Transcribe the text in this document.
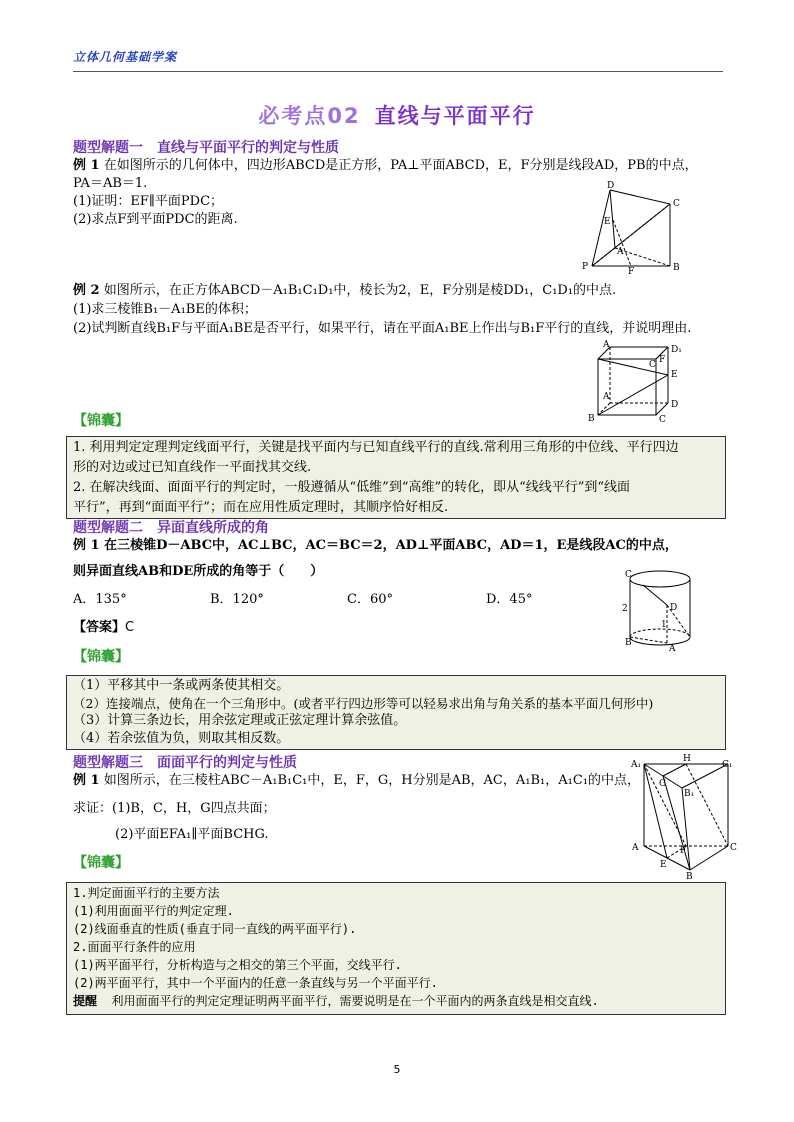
立体几何基础学案
必考点02 直线与平面平行
题型解题一 直线与平面平行的判定与性质
例 1 在如图所示的几何体中，四边形ABCD是正方形，PA⊥平面ABCD，E，F分别是线段AD，PB的中点，
PA＝AB＝1.
(1)证明：EF∥平面PDC；
(2)求点F到平面PDC的距离.
D
C
E
A
P	F	B
例 2 如图所示，在正方体ABCD－A₁B₁C₁D₁中，棱长为2，E，F分别是棱DD₁，C₁D₁的中点.
(1)求三棱锥B₁－A₁BE的体积；
(2)试判断直线B₁F与平面A₁BE是否平行，如果平行，请在平面A₁BE上作出与B₁F平行的直线，并说明理由.
A	D₁
C F
E
A
D
B	C
【锦囊】
1. 利用判定定理判定线面平行，关键是找平面内与已知直线平行的直线.常利用三角形的中位线、平行四边
形的对边或过已知直线作一平面找其交线.
2. 在解决线面、面面平行的判定时，一般遵循从“低维”到“高维”的转化，即从“线线平行”到“线面
平行”，再到“面面平行”；而在应用性质定理时，其顺序恰好相反.
题型解题二 异面直线所成的角
例 1 在三棱锥D－ABC中，AC⊥BC，AC＝BC＝2，AD⊥平面ABC，AD＝1，E是线段AC的中点，
则异面直线AB和DE所成的角等于（　　）
A．135°	B．120°	C．60°	D．45°
【答案】C
C
D
2
1
B
A
【锦囊】
（1）平移其中一条或两条使其相交。
（2）连接端点，使角在一个三角形中。(或者平行四边形等可以轻易求出角与角关系的基本平面几何形中)
（3）计算三条边长，用余弦定理或正弦定理计算余弦值。
（4）若余弦值为负，则取其相反数。
题型解题三 面面平行的判定与性质
例 1 如图所示，在三棱柱ABC－A₁B₁C₁中，E，F，G，H分别是AB，AC，A₁B₁，A₁C₁的中点，
求证：(1)B，C，H，G四点共面；
(2)平面EFA₁∥平面BCHG.
A₁
H
C₁
G
B₁
A	F	C
E
B
【锦囊】
1.判定面面平行的主要方法
(1)利用面面平行的判定定理.
(2)线面垂直的性质(垂直于同一直线的两平面平行).
2.面面平行条件的应用
(1)两平面平行，分析构造与之相交的第三个平面，交线平行.
(2)两平面平行，其中一个平面内的任意一条直线与另一个平面平行.
提醒 利用面面平行的判定定理证明两平面平行，需要说明是在一个平面内的两条直线是相交直线.
5
